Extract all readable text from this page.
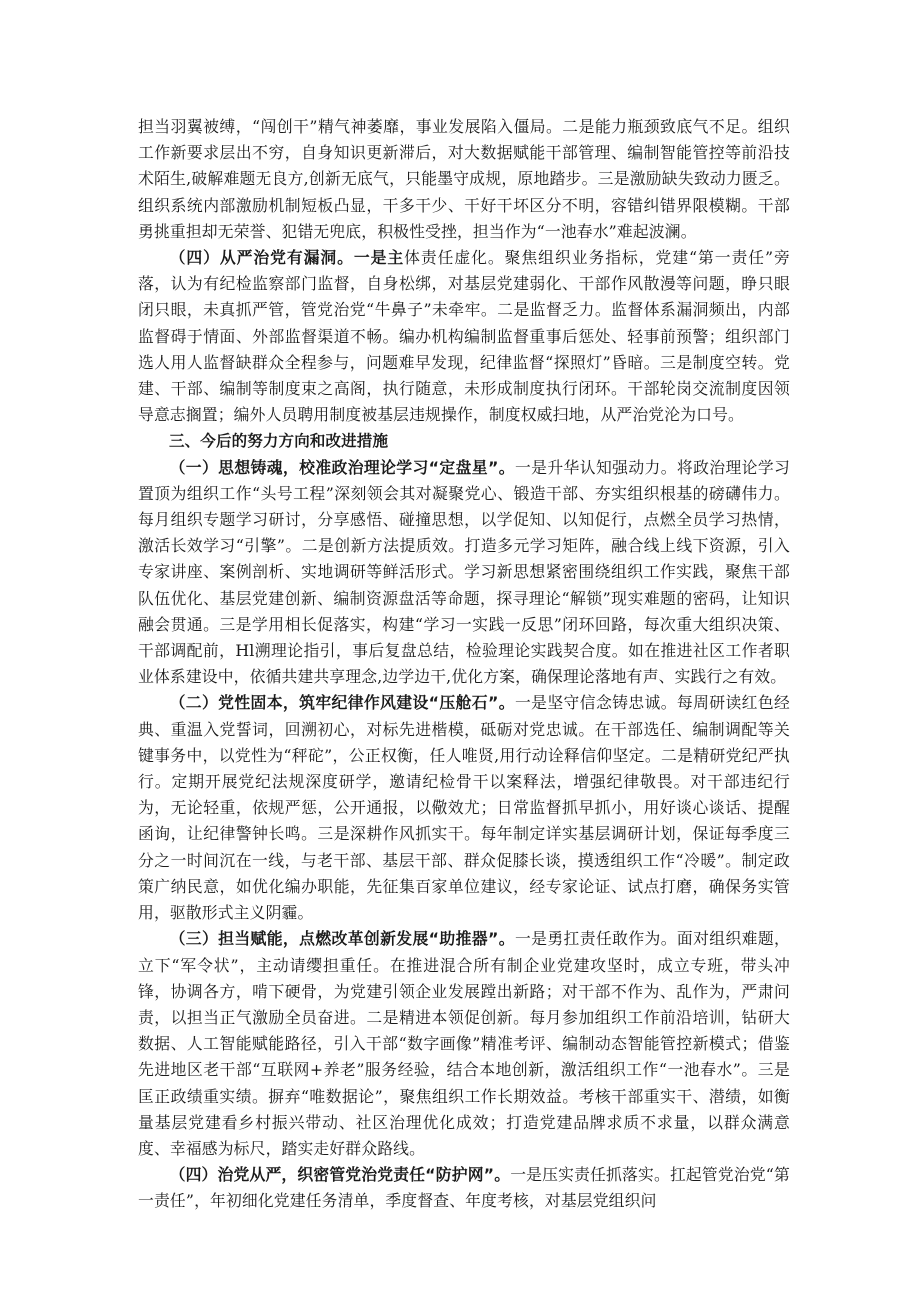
担当羽翼被缚，“闯创干”精气神萎靡，事业发展陷入僵局。二是能力瓶颈致底气不足。组织工作新要求层出不穷，自身知识更新滞后，对大数据赋能干部管理、编制智能管控等前沿技术陌生,破解难题无良方,创新无底气，只能墨守成规，原地踏步。三是激励缺失致动力匮乏。组织系统内部激励机制短板凸显，干多干少、干好干坏区分不明，容错纠错界限模糊。干部勇挑重担却无荣誉、犯错无兜底，积极性受挫，担当作为“一池春水”难起波澜。

（四）从严治党有漏洞。一是主体责任虚化。聚焦组织业务指标，党建“第一责任”旁落，认为有纪检监察部门监督，自身松绑，对基层党建弱化、干部作风散漫等问题，睁只眼闭只眼，未真抓严管，管党治党“牛鼻子”未牵牢。二是监督乏力。监督体系漏洞频出，内部监督碍于情面、外部监督渠道不畅。编办机构编制监督重事后惩处、轻事前预警；组织部门选人用人监督缺群众全程参与，问题难早发现，纪律监督“探照灯”昏暗。三是制度空转。党建、干部、编制等制度束之高阁，执行随意，未形成制度执行闭环。干部轮岗交流制度因领导意志搁置；编外人员聘用制度被基层违规操作，制度权威扫地，从严治党沦为口号。

三、今后的努力方向和改进措施

（一）思想铸魂，校准政治理论学习“定盘星”。一是升华认知强动力。将政治理论学习置顶为组织工作“头号工程”深刻领会其对凝聚党心、锻造干部、夯实组织根基的磅礴伟力。每月组织专题学习研讨，分享感悟、碰撞思想，以学促知、以知促行，点燃全员学习热情，激活长效学习“引擎”。二是创新方法提质效。打造多元学习矩阵，融合线上线下资源，引入专家讲座、案例剖析、实地调研等鲜活形式。学习新思想紧密围绕组织工作实践，聚焦干部队伍优化、基层党建创新、编制资源盘活等命题，探寻理论“解锁”现实难题的密码，让知识融会贯通。三是学用相长促落实，构建“学习一实践一反思”闭环回路，每次重大组织决策、干部调配前，Hl溯理论指引，事后复盘总结，检验理论实践契合度。如在推进社区工作者职业体系建设中，依循共建共享理念,边学边干,优化方案，确保理论落地有声、实践行之有效。

（二）党性固本，筑牢纪律作风建设“压舱石”。一是坚守信念铸忠诚。每周研读红色经典、重温入党誓词，回溯初心，对标先进楷模，砥砺对党忠诚。在干部选任、编制调配等关键事务中，以党性为“秤砣”，公正权衡，任人唯贤,用行动诠释信仰坚定。二是精研党纪严执行。定期开展党纪法规深度研学，邀请纪检骨干以案释法，增强纪律敬畏。对干部违纪行为，无论轻重，依规严惩，公开通报，以儆效尤；日常监督抓早抓小，用好谈心谈话、提醒函询，让纪律警钟长鸣。三是深耕作风抓实干。每年制定详实基层调研计划，保证每季度三分之一时间沉在一线，与老干部、基层干部、群众促膝长谈，摸透组织工作“冷暖”。制定政策广纳民意，如优化编办职能，先征集百家单位建议，经专家论证、试点打磨，确保务实管用，驱散形式主义阴霾。

（三）担当赋能，点燃改革创新发展“助推器”。一是勇扛责任敢作为。面对组织难题，立下“军令状”，主动请缨担重任。在推进混合所有制企业党建攻坚时，成立专班，带头冲锋，协调各方，啃下硬骨，为党建引领企业发展蹚出新路；对干部不作为、乱作为，严肃问责，以担当正气激励全员奋进。二是精进本领促创新。每月参加组织工作前沿培训，钻研大数据、人工智能赋能路径，引入干部“数字画像”精准考评、编制动态智能管控新模式；借鉴先进地区老干部“互联网+养老”服务经验，结合本地创新，激活组织工作“一池春水”。三是匡正政绩重实绩。摒弃“唯数据论”，聚焦组织工作长期效益。考核干部重实干、潜绩，如衡量基层党建看乡村振兴带动、社区治理优化成效；打造党建品牌求质不求量，以群众满意度、幸福感为标尺，踏实走好群众路线。

（四）治党从严，织密管党治党责任“防护网”。一是压实责任抓落实。扛起管党治党“第一责任”，年初细化党建任务清单，季度督查、年度考核，对基层党组织问
